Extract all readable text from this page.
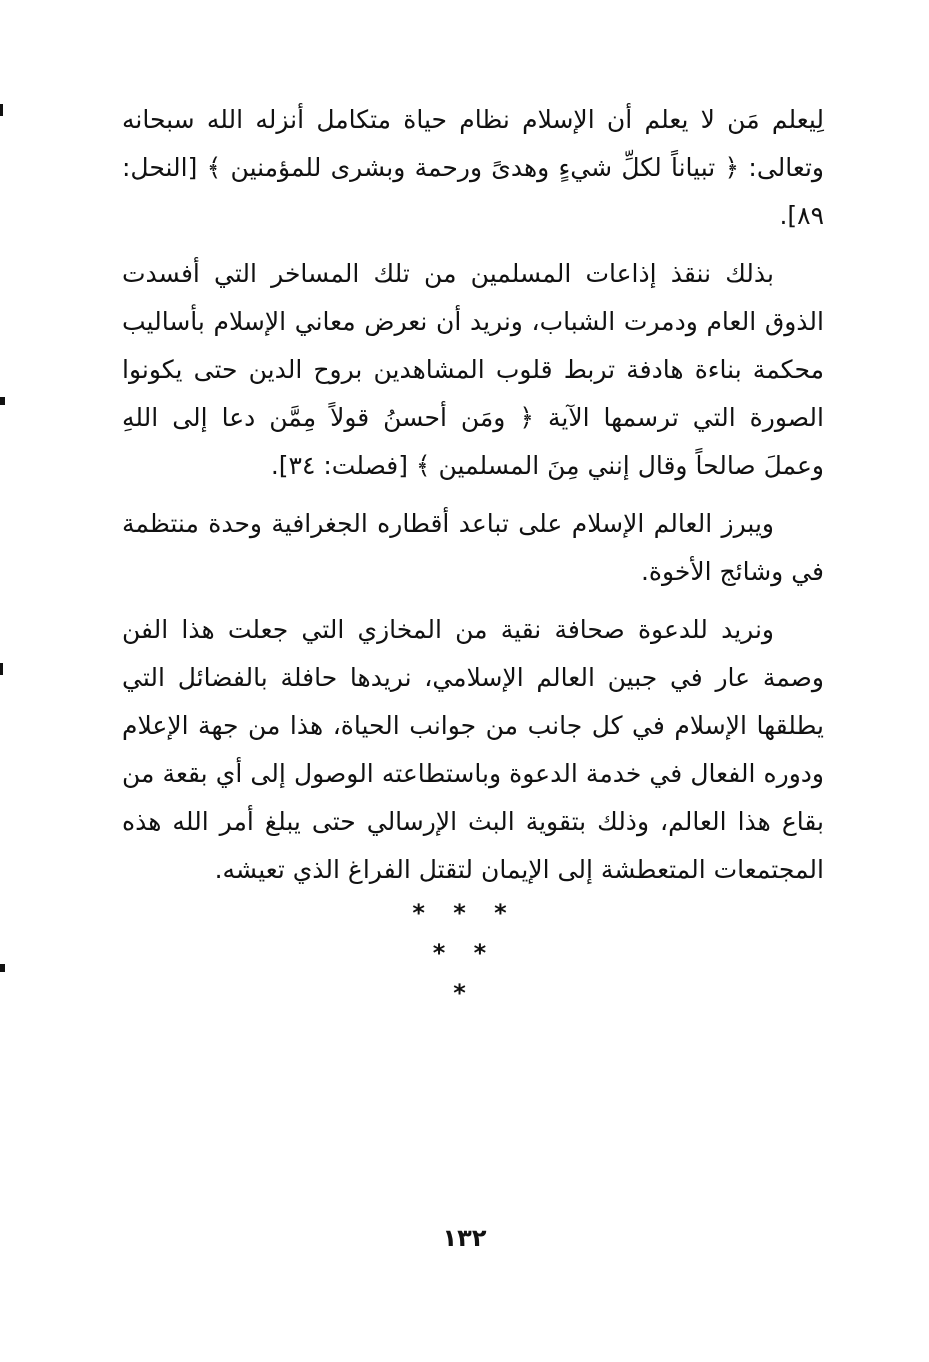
لِيعلم مَن لا يعلم أن الإسلام نظام حياة متكامل أنزله الله سبحانه وتعالى: ﴿ تبياناً لكلِّ شيءٍ وهدىً ورحمة وبشرى للمؤمنين ﴾ [النحل: ٨٩].

بذلك ننقذ إذاعات المسلمين من تلك المساخر التي أفسدت الذوق العام ودمرت الشباب، ونريد أن نعرض معاني الإسلام بأساليب محكمة بناءة هادفة تربط قلوب المشاهدين بروح الدين حتى يكونوا الصورة التي ترسمها الآية ﴿ ومَن أحسنُ قولاً مِمَّن دعا إلى اللهِ وعملَ صالحاً وقال إنني مِنَ المسلمين ﴾ [فصلت: ٣٤].

ويبرز العالم الإسلام على تباعد أقطاره الجغرافية وحدة منتظمة في وشائج الأخوة.

ونريد للدعوة صحافة نقية من المخازي التي جعلت هذا الفن وصمة عار في جبين العالم الإسلامي، نريدها حافلة بالفضائل التي يطلقها الإسلام في كل جانب من جوانب الحياة، هذا من جهة الإعلام ودوره الفعال في خدمة الدعوة وباستطاعته الوصول إلى أي بقعة من بقاع هذا العالم، وذلك بتقوية البث الإرسالي حتى يبلغ أمر الله هذه المجتمعات المتعطشة إلى الإيمان لتقتل الفراغ الذي تعيشه.

* * *
* *
*
١٣٢
